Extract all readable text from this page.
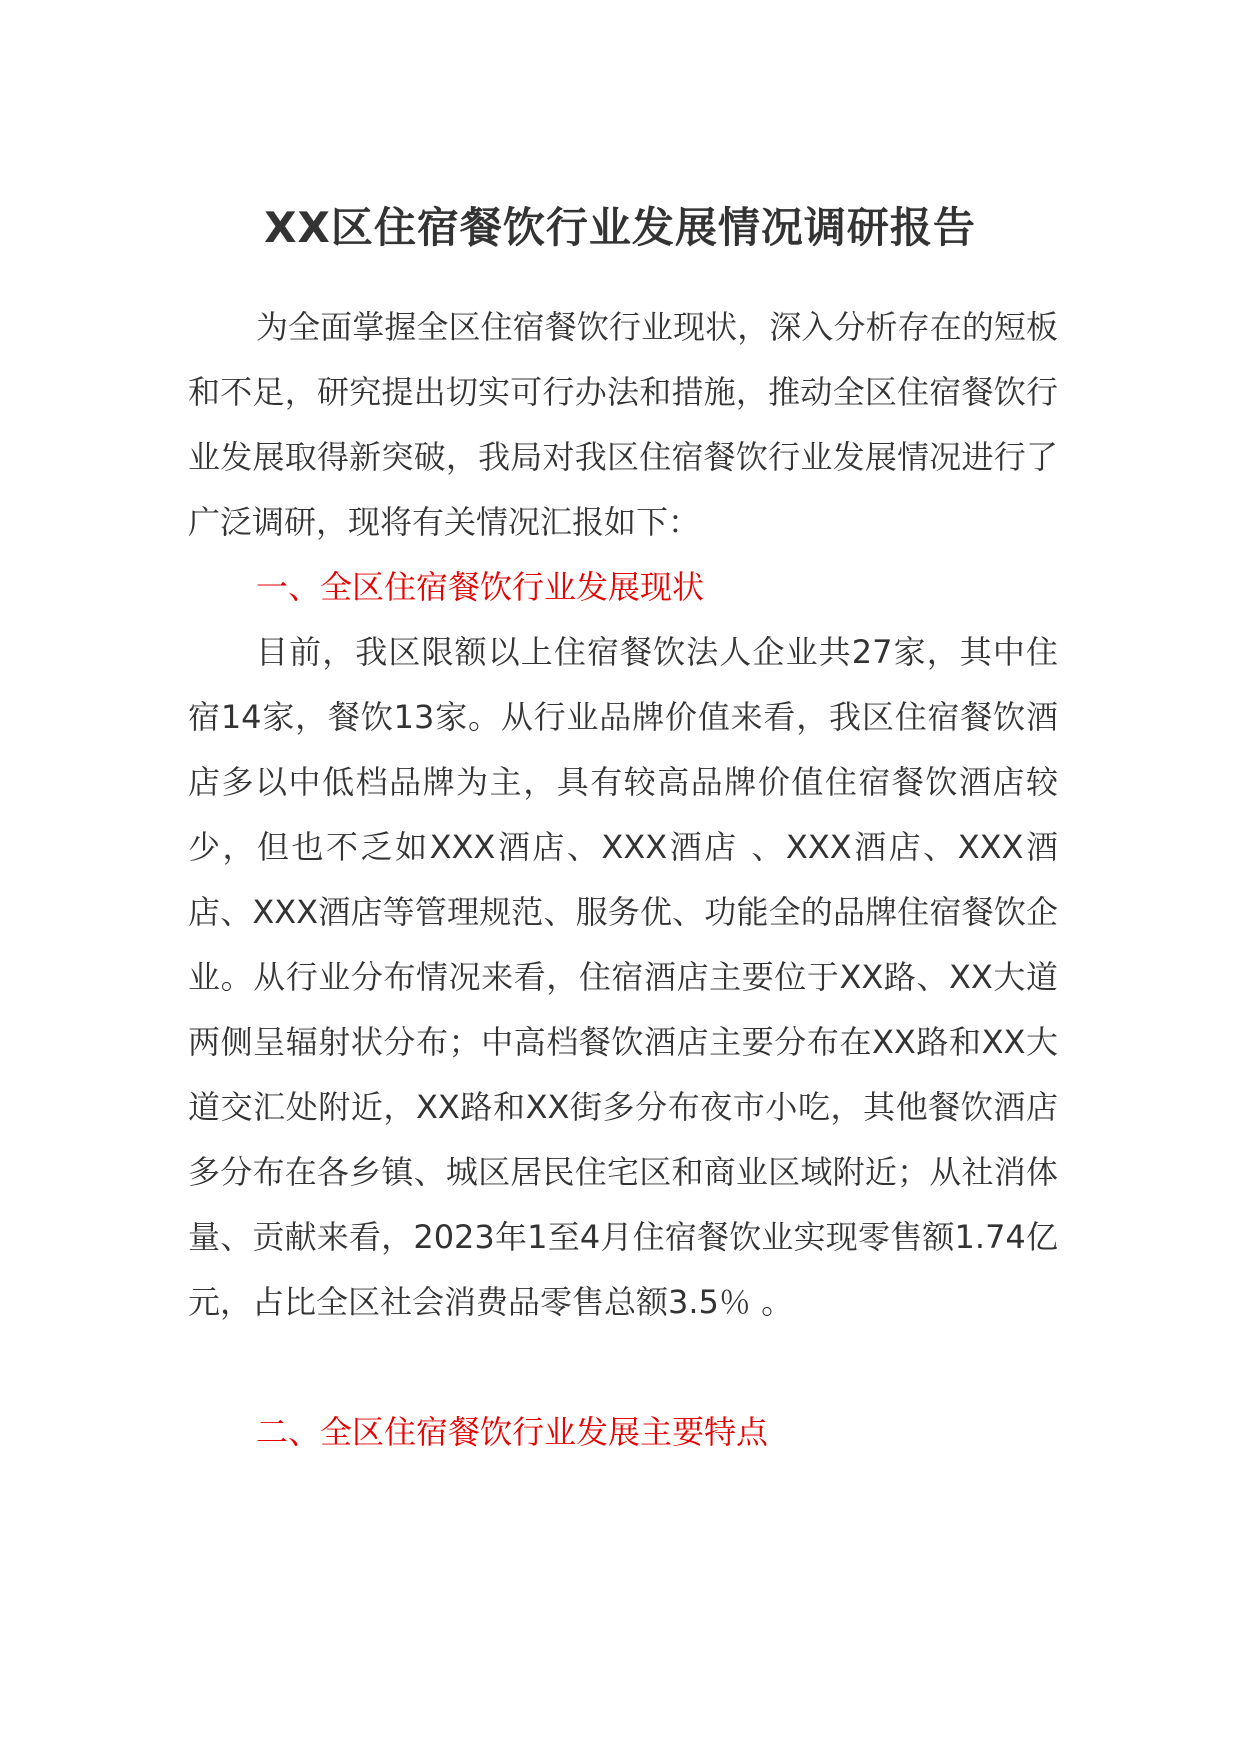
XX区住宿餐饮行业发展情况调研报告

为全面掌握全区住宿餐饮行业现状，深入分析存在的短板和不足，研究提出切实可行办法和措施，推动全区住宿餐饮行业发展取得新突破，我局对我区住宿餐饮行业发展情况进行了广泛调研，现将有关情况汇报如下：

一、全区住宿餐饮行业发展现状

目前，我区限额以上住宿餐饮法人企业共27家，其中住宿14家，餐饮13家。从行业品牌价值来看，我区住宿餐饮酒店多以中低档品牌为主，具有较高品牌价值住宿餐饮酒店较少，但也不乏如XXX酒店、XXX酒店 、XXX酒店、XXX酒店、XXX酒店等管理规范、服务优、功能全的品牌住宿餐饮企业。从行业分布情况来看，住宿酒店主要位于XX路、XX大道两侧呈辐射状分布；中高档餐饮酒店主要分布在XX路和XX大道交汇处附近，XX路和XX街多分布夜市小吃，其他餐饮酒店多分布在各乡镇、城区居民住宅区和商业区域附近；从社消体量、贡献来看，2023年1至4月住宿餐饮业实现零售额1.74亿元，占比全区社会消费品零售总额3.5％ 。

二、全区住宿餐饮行业发展主要特点
